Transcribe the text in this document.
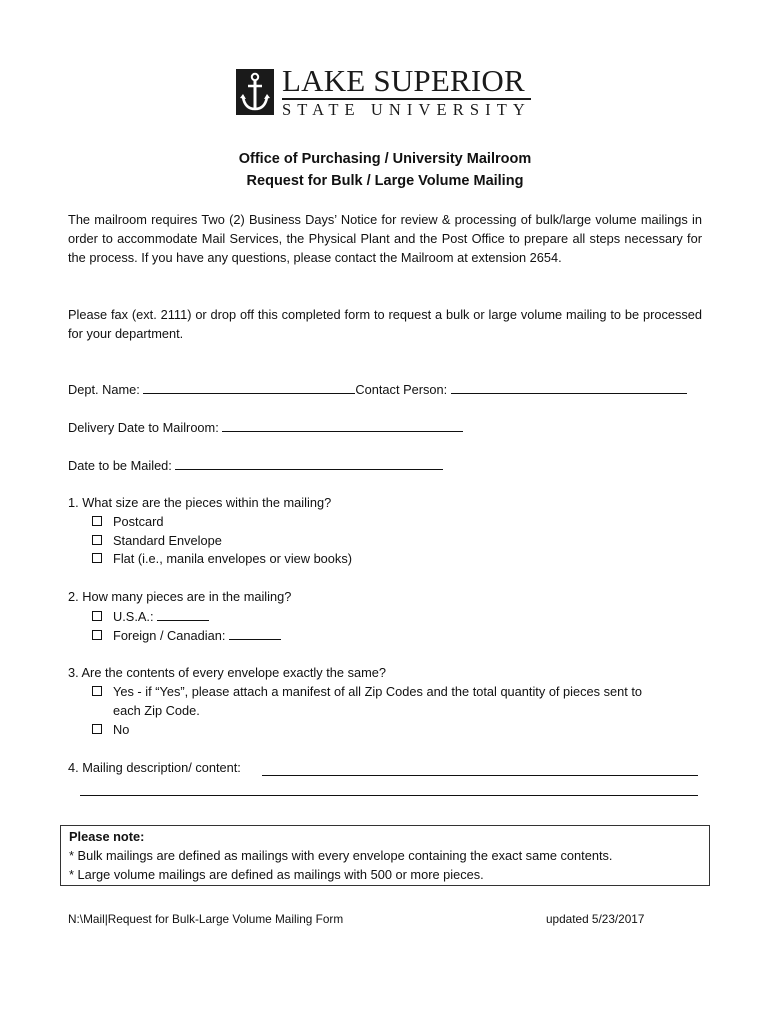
LAKE SUPERIOR
STATE UNIVERSITY
Office of Purchasing / University Mailroom
Request for Bulk / Large Volume Mailing
The mailroom requires Two (2) Business Days’ Notice for review & processing of bulk/large volume mailings in order to accommodate Mail Services, the Physical Plant and the Post Office to prepare all steps necessary for the process. If you have any questions, please contact the Mailroom at extension 2654.
Please fax (ext. 2111) or drop off this completed form to request a bulk or large volume mailing to be processed for your department.
Dept. Name:	Contact Person:
Delivery Date to Mailroom:
Date to be Mailed:
1. What size are the pieces within the mailing?
Postcard
Standard Envelope
Flat (i.e., manila envelopes or view books)
2. How many pieces are in the mailing?
U.S.A.:
Foreign / Canadian:
3. Are the contents of every envelope exactly the same?
Yes - if “Yes”, please attach a manifest of all Zip Codes and the total quantity of pieces sent to
each Zip Code.
No
4. Mailing description/ content:
Please note:
* Bulk mailings are defined as mailings with every envelope containing the exact same contents.
* Large volume mailings are defined as mailings with 500 or more pieces.
N:\Mail|Request for Bulk-Large Volume Mailing Form	updated 5/23/2017
